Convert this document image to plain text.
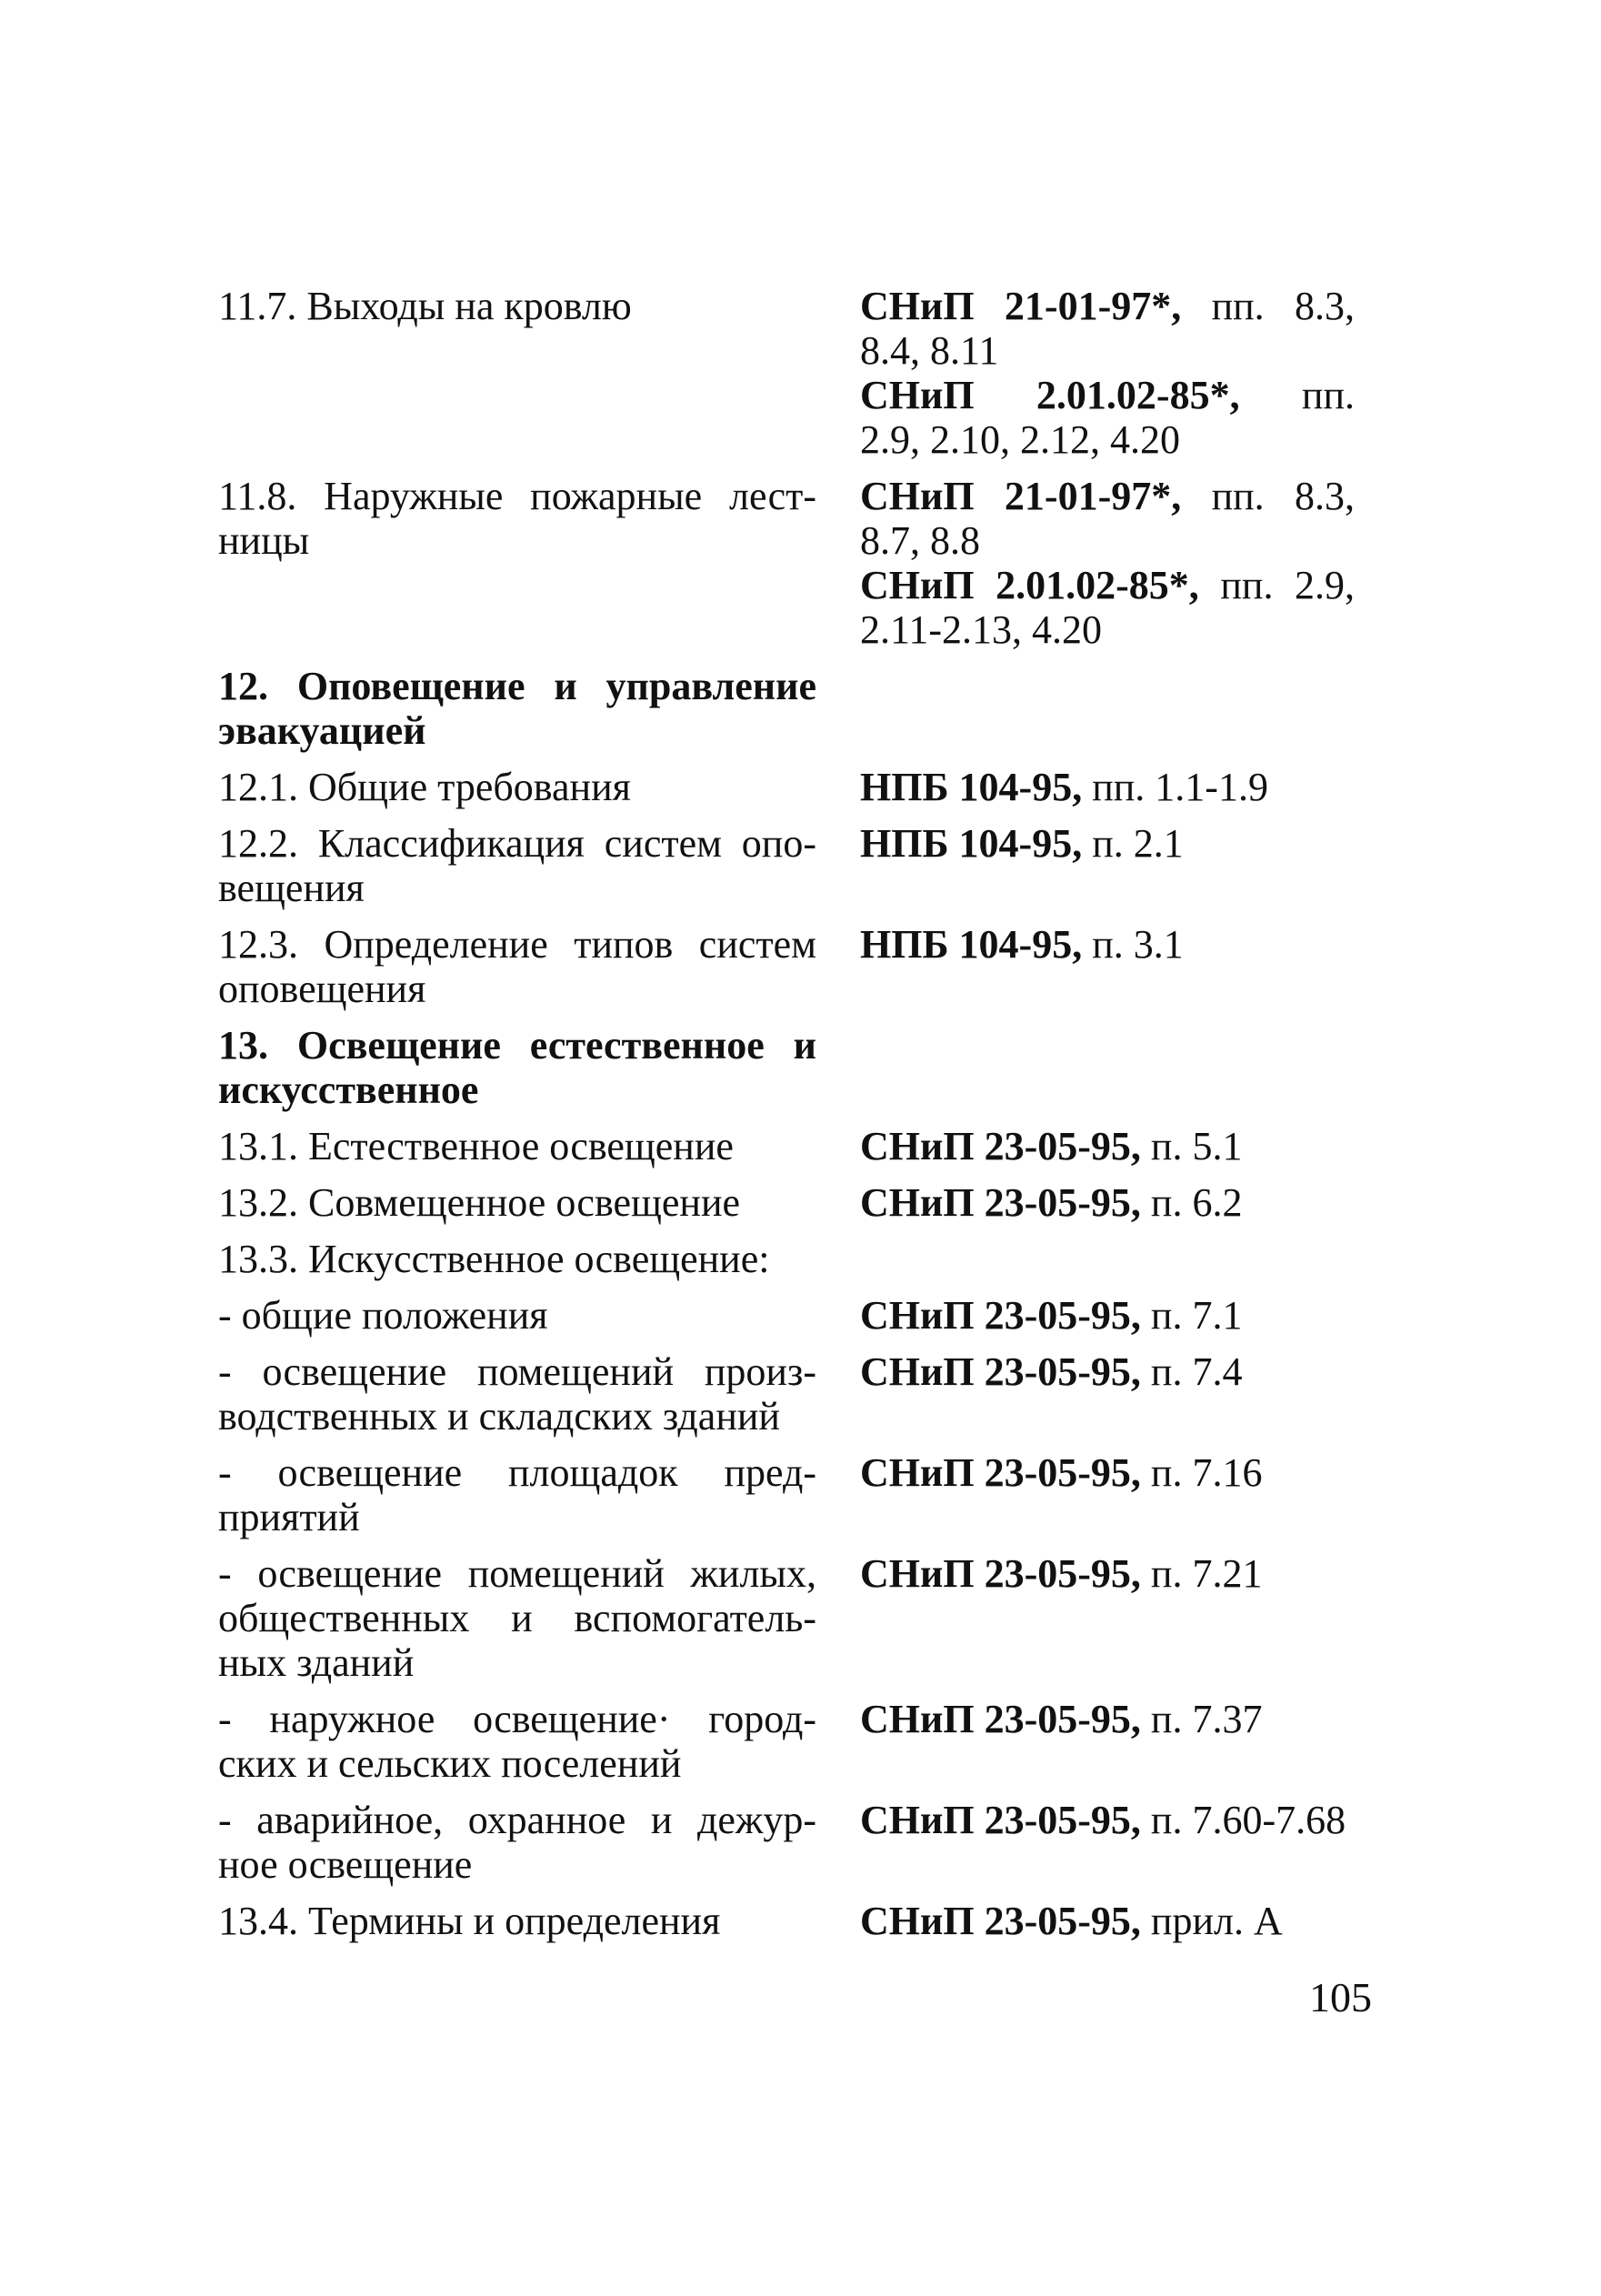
11.7. Выходы на кровлю	СНиП 21-01-97*, пп. 8.3,
8.4, 8.11
СНиП 2.01.02-85*, пп.
2.9, 2.10, 2.12, 4.20

11.8. Наружные пожарные лест-
ницы	СНиП 21-01-97*, пп. 8.3,
8.7, 8.8
СНиП 2.01.02-85*, пп. 2.9,
2.11-2.13, 4.20

12. Оповещение и управление
эвакуацией	

12.1. Общие требования	НПБ 104-95, пп. 1.1-1.9

12.2. Классификация систем опо-
вещения	НПБ 104-95, п. 2.1

12.3. Определение типов систем
оповещения	НПБ 104-95, п. 3.1

13. Освещение естественное и
искусственное	

13.1. Естественное освещение	СНиП 23-05-95, п. 5.1

13.2. Совмещенное освещение	СНиП 23-05-95, п. 6.2

13.3. Искусственное освещение:	

- общие положения	СНиП 23-05-95, п. 7.1

- освещение помещений произ-
водственных и складских зданий	СНиП 23-05-95, п. 7.4

- освещение площадок пред-
приятий	СНиП 23-05-95, п. 7.16

- освещение помещений жилых,
общественных и вспомогатель-
ных зданий	СНиП 23-05-95, п. 7.21

- наружное освещение· город-
ских и сельских поселений	СНиП 23-05-95, п. 7.37

- аварийное, охранное и дежур-
ное освещение	СНиП 23-05-95, п. 7.60-7.68

13.4. Термины и определения	СНиП 23-05-95, прил. А
105
